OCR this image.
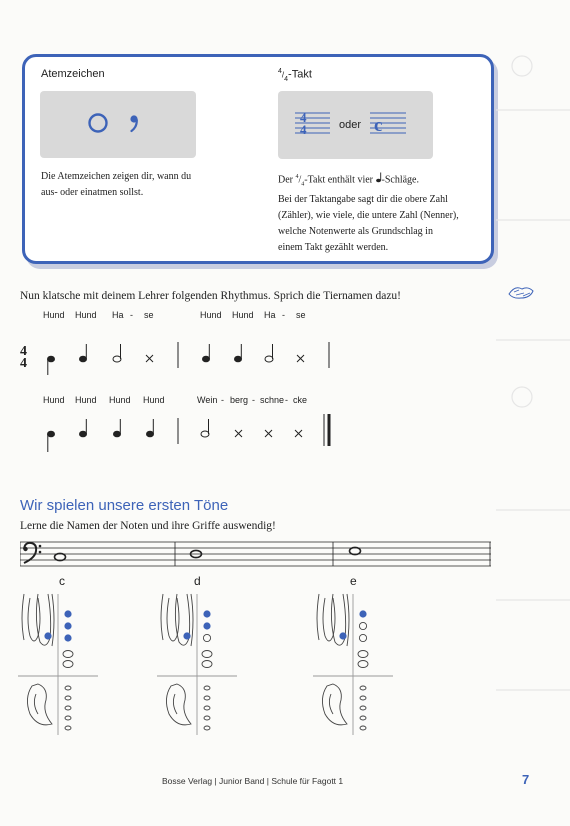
Atemzeichen
Die Atemzeichen zeigen dir, wann du
aus- oder einatmen sollst.
$^4/_4$-Takt
4
4	c
oder
Der $^4/_4$-Takt enthält vier -Schläge.
Bei der Taktangabe sagt dir die obere Zahl
(Zähler), wie viele, die untere Zahl (Nenner),
welche Notenwerte als Grundschlag in
einem Takt gezählt werden.
Nun klatsche mit deinem Lehrer folgenden Rhythmus. Sprich die Tiernamen dazu!
Hund Hund Ha - se	Hund Hund Ha - se
4
4
Hund Hund Hund Hund	Wein - berg - schne - cke
Wir spielen unsere ersten Töne
Lerne die Namen der Noten und ihre Griffe auswendig!
c	d	e
Bosse Verlag | Junior Band | Schule für Fagott 1	7
